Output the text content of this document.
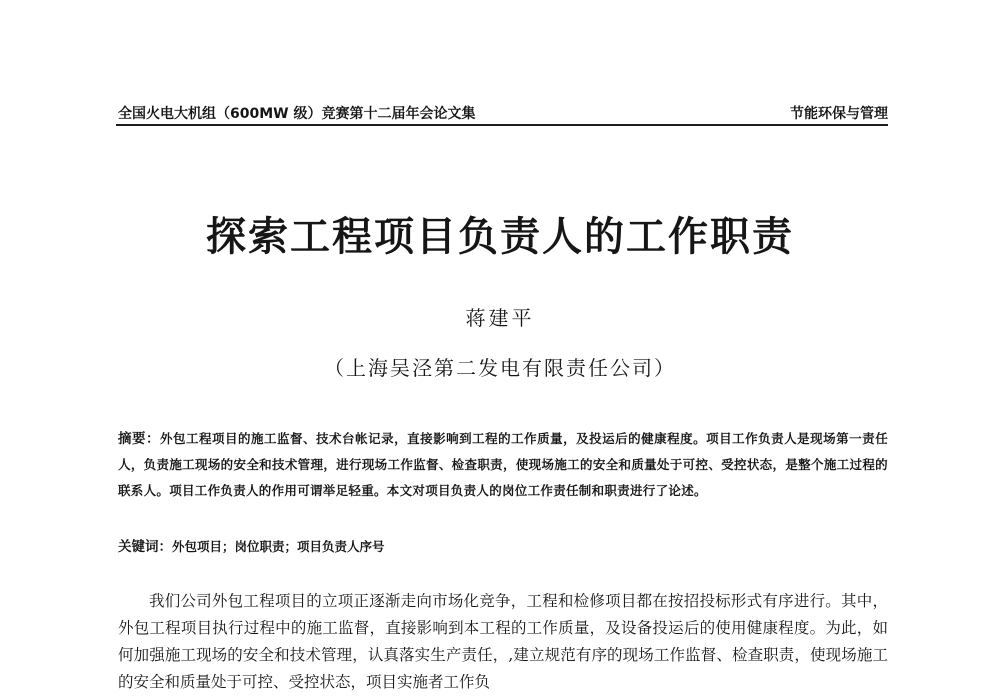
全国火电大机组（600MW 级）竞赛第十二届年会论文集	节能环保与管理
探索工程项目负责人的工作职责
蒋建平
（上海吴泾第二发电有限责任公司）
摘要：外包工程项目的施工监督、技术台帐记录，直接影响到工程的工作质量，及投运后的健康程度。项目工作负责人是现场第一责任人，负责施工现场的安全和技术管理，进行现场工作监督、检查职责，使现场施工的安全和质量处于可控、受控状态，是整个施工过程的联系人。项目工作负责人的作用可谓举足轻重。本文对项目负责人的岗位工作责任制和职责进行了论述。
关键词：外包项目；岗位职责；项目负责人序号
我们公司外包工程项目的立项正逐渐走向市场化竞争，工程和检修项目都在按招投标形式有序进行。其中，外包工程项目执行过程中的施工监督，直接影响到本工程的工作质量，及设备投运后的使用健康程度。为此，如何加强施工现场的安全和技术管理，认真落实生产责任，,建立规范有序的现场工作监督、检查职责，使现场施工的安全和质量处于可控、受控状态，项目实施者工作负
